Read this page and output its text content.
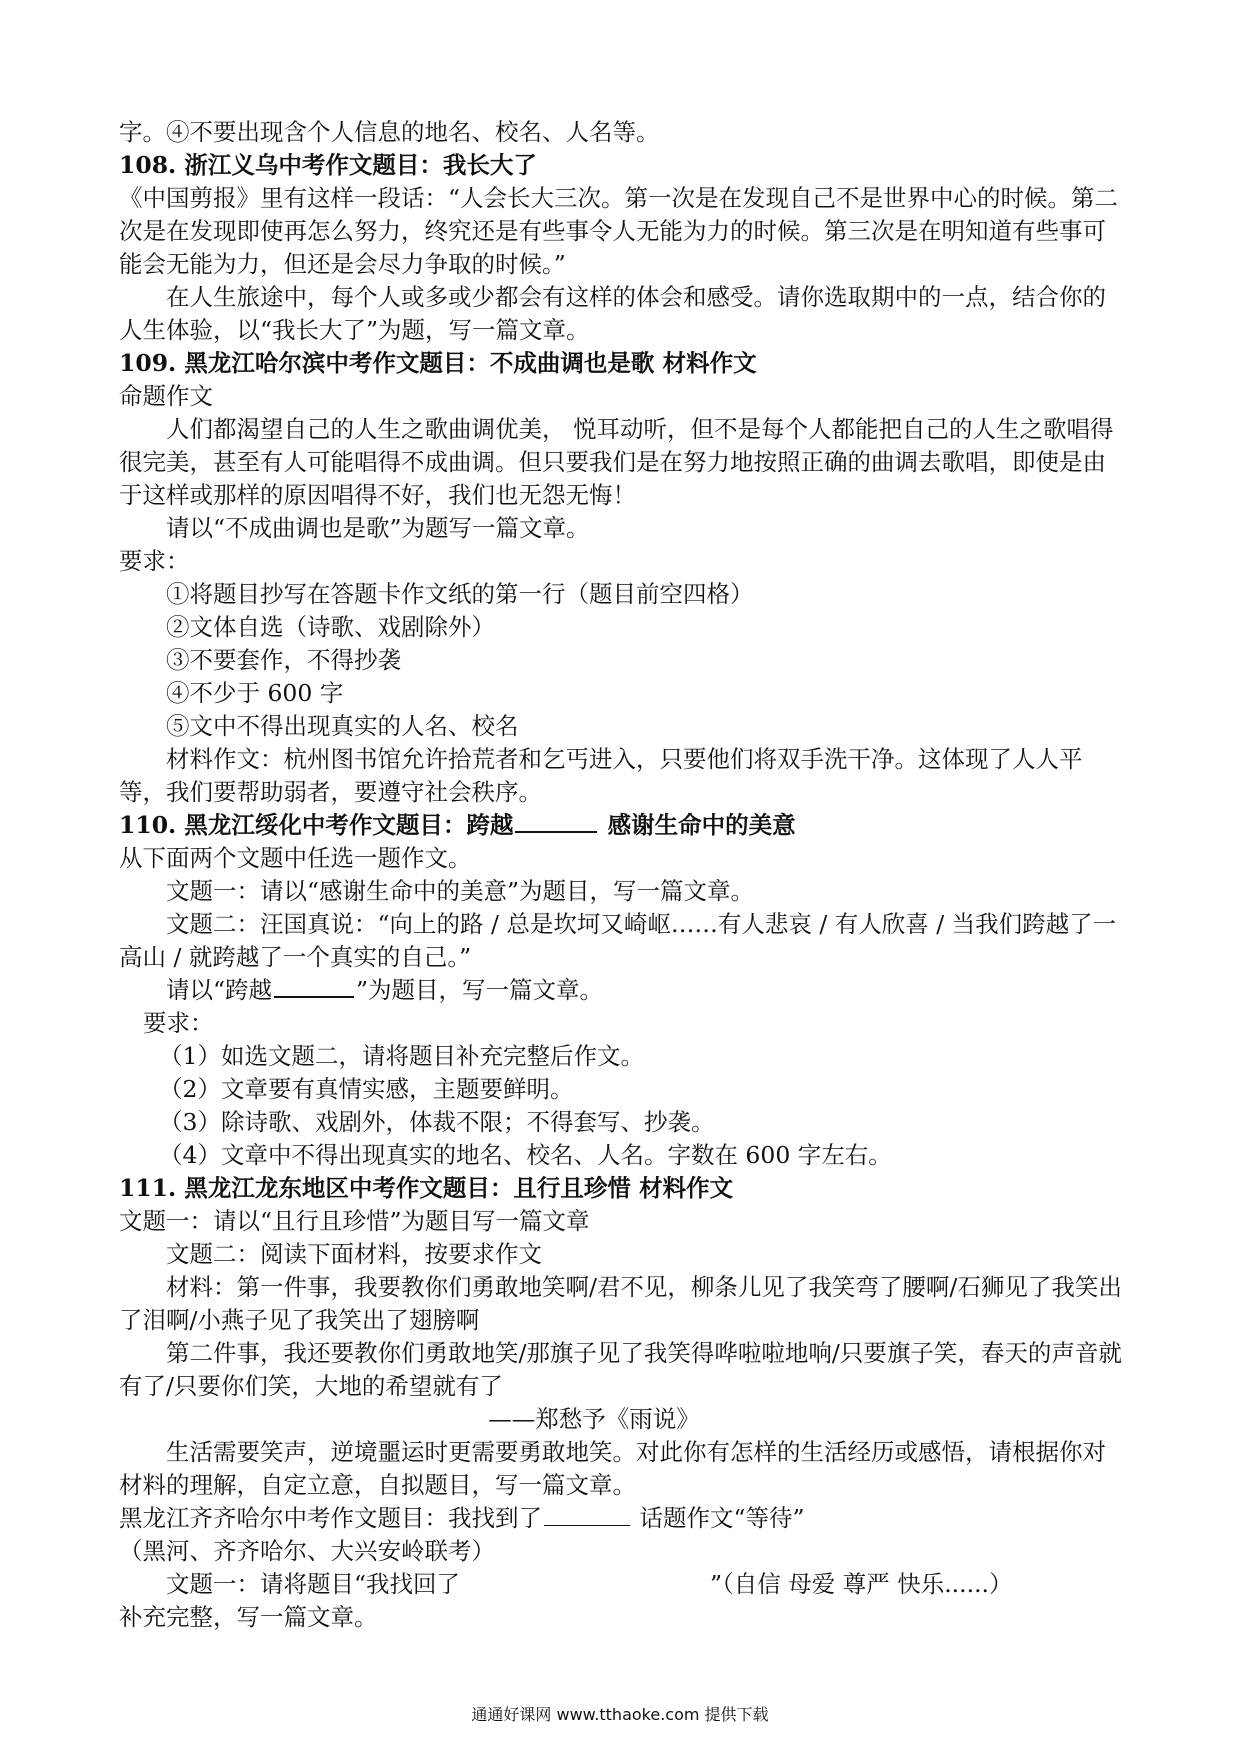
字。④不要出现含个人信息的地名、校名、人名等。

108. 浙江义乌中考作文题目：我长大了

《中国剪报》里有这样一段话：“人会长大三次。第一次是在发现自己不是世界中心的时候。第二次是在发现即使再怎么努力，终究还是有些事令人无能为力的时候。第三次是在明知道有些事可能会无能为力，但还是会尽力争取的时候。”

在人生旅途中，每个人或多或少都会有这样的体会和感受。请你选取期中的一点，结合你的人生体验，以“我长大了”为题，写一篇文章。

109. 黑龙江哈尔滨中考作文题目：不成曲调也是歌 材料作文

命题作文

人们都渴望自己的人生之歌曲调优美， 悦耳动听，但不是每个人都能把自己的人生之歌唱得很完美，甚至有人可能唱得不成曲调。但只要我们是在努力地按照正确的曲调去歌唱，即使是由于这样或那样的原因唱得不好，我们也无怨无悔！

请以“不成曲调也是歌”为题写一篇文章。

要求：

①将题目抄写在答题卡作文纸的第一行（题目前空四格）

②文体自选（诗歌、戏剧除外）

③不要套作，不得抄袭

④不少于 600 字

⑤文中不得出现真实的人名、校名

材料作文：杭州图书馆允许拾荒者和乞丐进入，只要他们将双手洗干净。这体现了人人平等，我们要帮助弱者，要遵守社会秩序。

110. 黑龙江绥化中考作文题目：跨越	感谢生命中的美意

从下面两个文题中任选一题作文。

文题一：请以“感谢生命中的美意”为题目，写一篇文章。

文题二：汪国真说：“向上的路 / 总是坎坷又崎岖……有人悲哀 / 有人欣喜 / 当我们跨越了一高山 / 就跨越了一个真实的自己。”

请以“跨越	”为题目，写一篇文章。

要求：

（1）如选文题二，请将题目补充完整后作文。

（2）文章要有真情实感，主题要鲜明。

（3）除诗歌、戏剧外，体裁不限；不得套写、抄袭。

（4）文章中不得出现真实的地名、校名、人名。字数在 600 字左右。

111. 黑龙江龙东地区中考作文题目：且行且珍惜 材料作文

文题一：请以“且行且珍惜”为题目写一篇文章

文题二：阅读下面材料，按要求作文

材料：第一件事，我要教你们勇敢地笑啊/君不见，柳条儿见了我笑弯了腰啊/石狮见了我笑出了泪啊/小燕子见了我笑出了翅膀啊

第二件事，我还要教你们勇敢地笑/那旗子见了我笑得哗啦啦地响/只要旗子笑，春天的声音就有了/只要你们笑，大地的希望就有了

——郑愁予《雨说》

生活需要笑声，逆境噩运时更需要勇敢地笑。对此你有怎样的生活经历或感悟，请根据你对材料的理解，自定立意，自拟题目，写一篇文章。

黑龙江齐齐哈尔中考作文题目：我找到了	话题作文“等待”

（黑河、齐齐哈尔、大兴安岭联考）

文题一：请将题目“我找回了	”（自信 母爱 尊严 快乐......）

补充完整，写一篇文章。

通通好课网 www.tthaoke.com 提供下载
